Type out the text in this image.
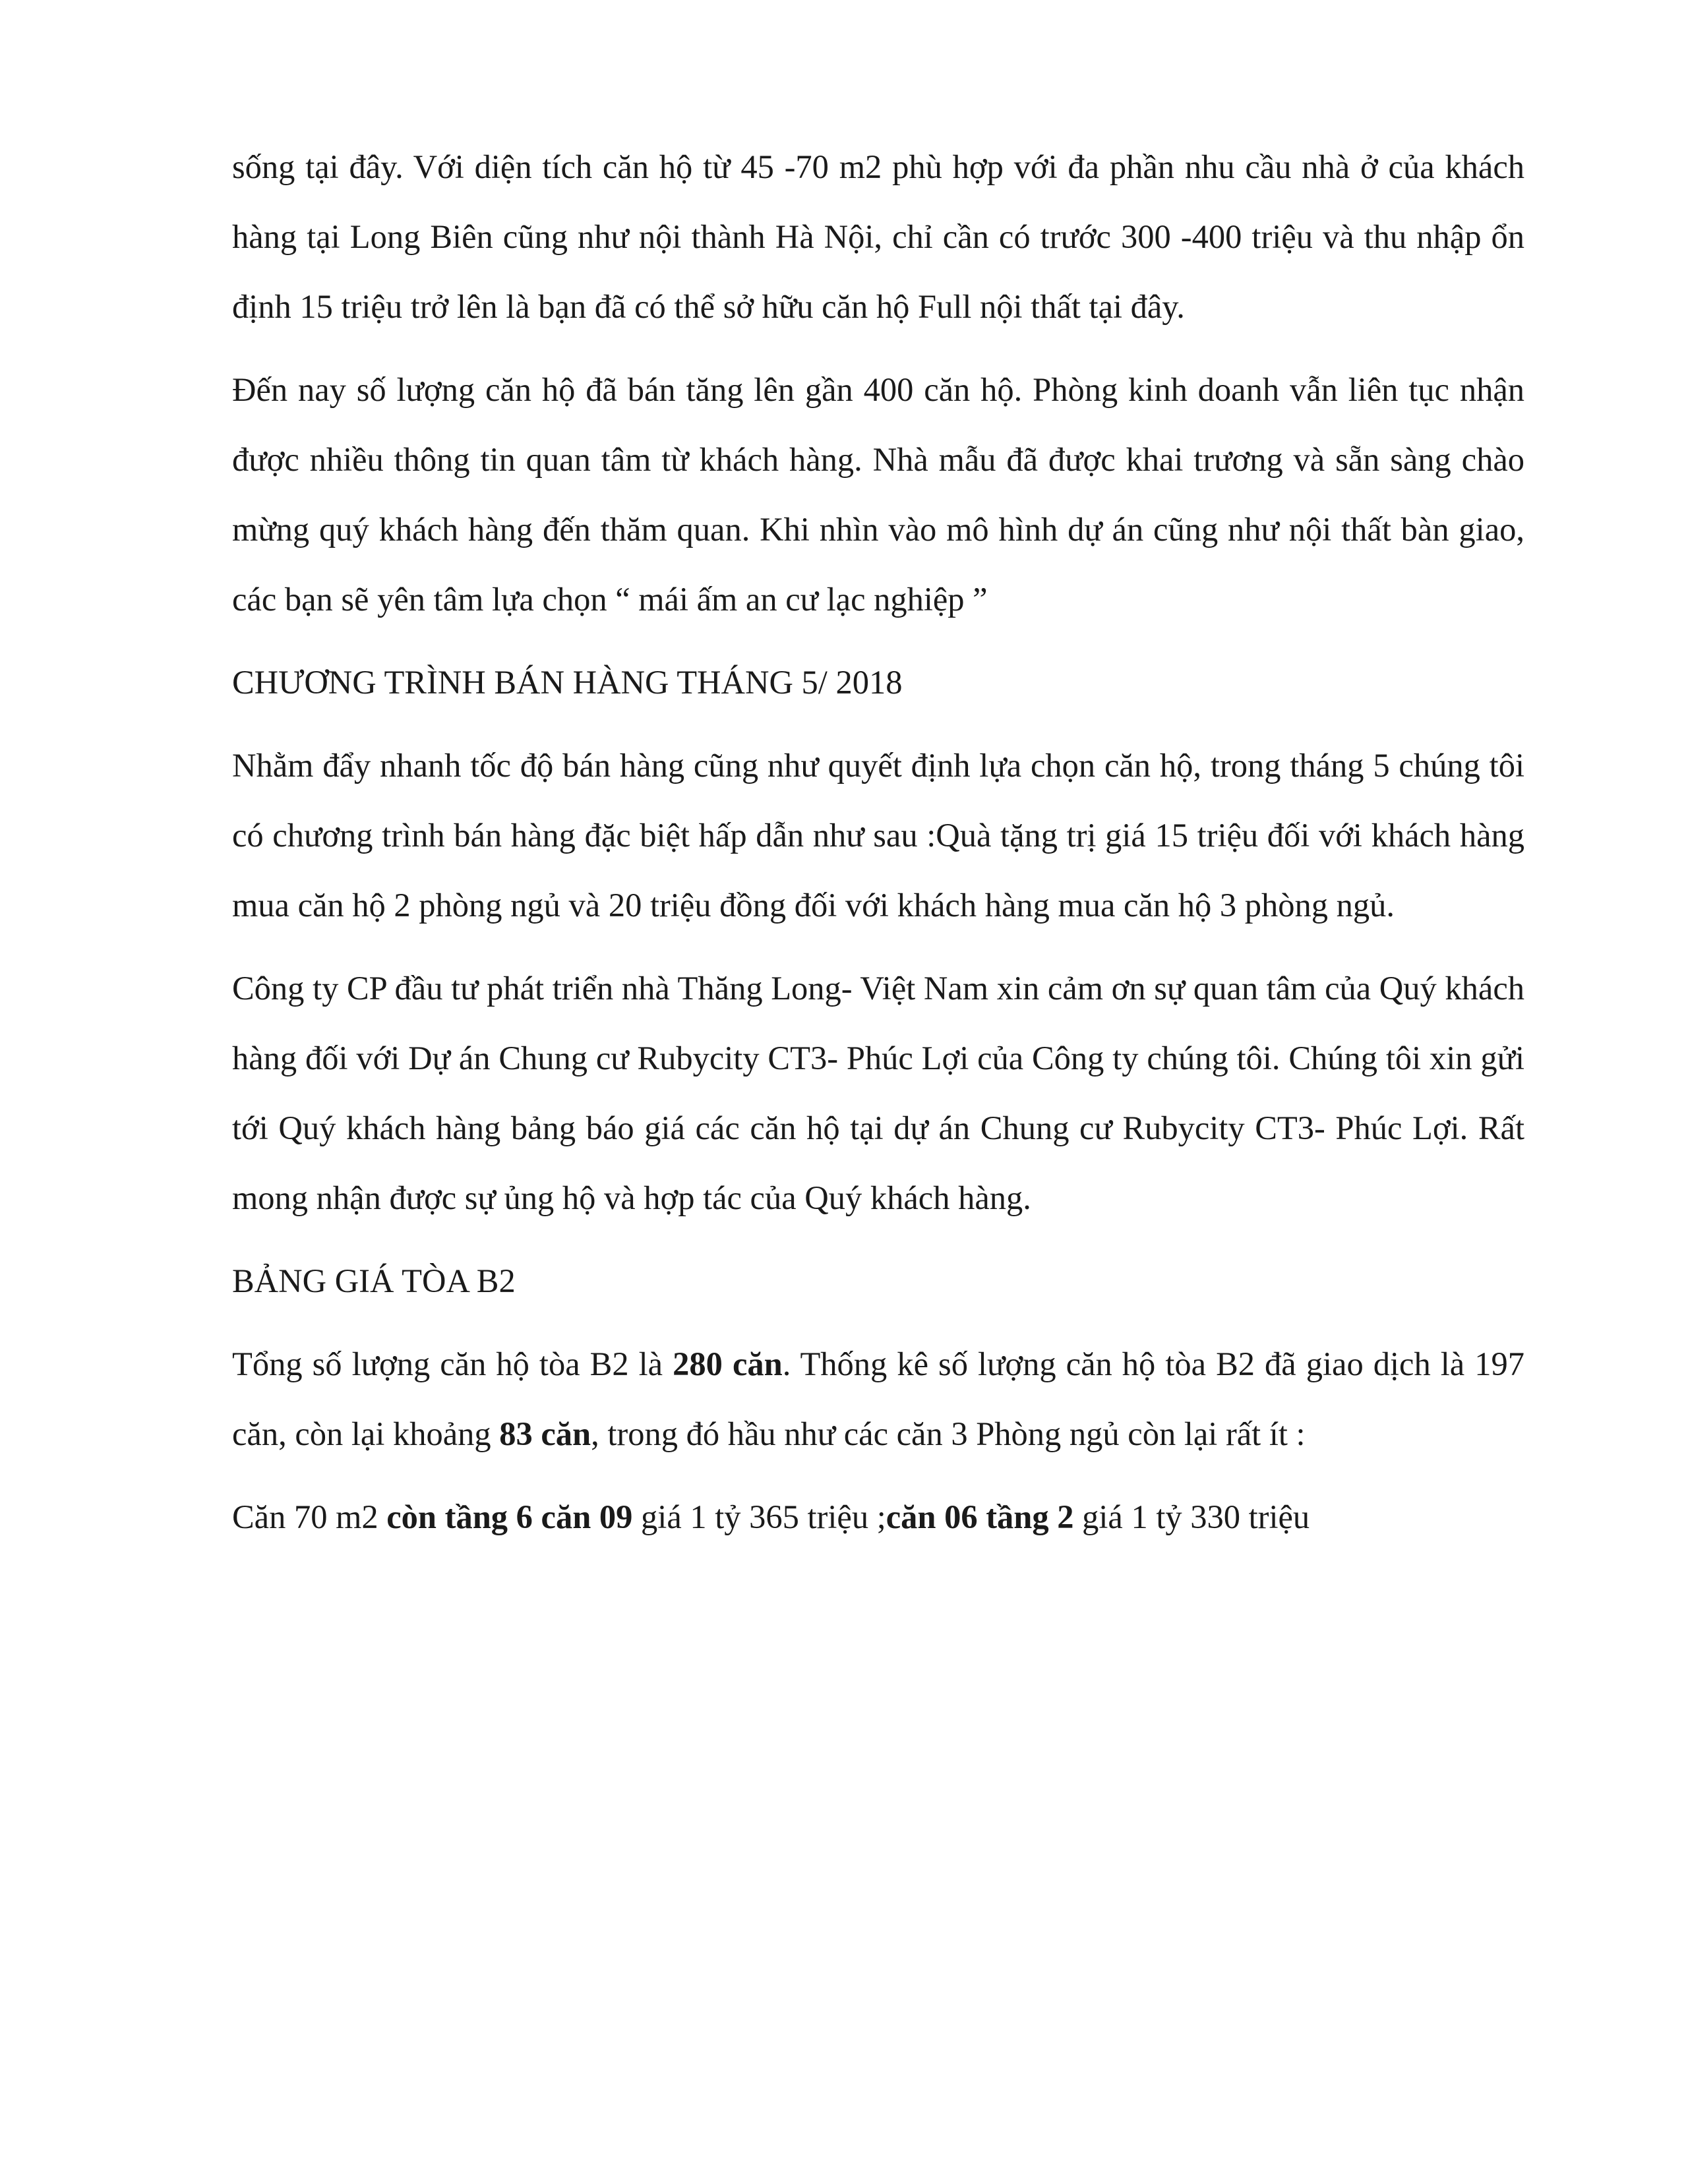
sống tại đây. Với diện tích căn hộ từ 45 -70 m2 phù hợp với đa phần nhu cầu nhà ở của khách hàng tại Long Biên cũng như nội thành Hà Nội, chỉ cần có trước 300 -400 triệu và thu nhập ổn định 15 triệu trở lên là bạn đã có thể sở hữu căn hộ Full nội thất tại đây.

Đến nay số lượng căn hộ đã bán tăng lên gần 400 căn hộ. Phòng kinh doanh vẫn liên tục nhận được nhiều thông tin quan tâm từ khách hàng. Nhà mẫu đã được khai trương và sẵn sàng chào mừng quý khách hàng đến thăm quan. Khi nhìn vào mô hình dự án cũng như nội thất bàn giao, các bạn sẽ yên tâm lựa chọn “ mái ấm an cư lạc nghiệp ”

CHƯƠNG TRÌNH BÁN HÀNG THÁNG 5/ 2018

Nhằm đẩy nhanh tốc độ bán hàng cũng như quyết định lựa chọn căn hộ, trong tháng 5 chúng tôi có chương trình bán hàng đặc biệt hấp dẫn như sau :Quà tặng trị giá 15 triệu đối với khách hàng mua căn hộ 2 phòng ngủ và 20 triệu đồng đối với khách hàng mua căn hộ 3 phòng ngủ.

Công ty CP đầu tư phát triển nhà Thăng Long- Việt Nam xin cảm ơn sự quan tâm của Quý khách hàng đối với Dự án Chung cư Rubycity CT3- Phúc Lợi của Công ty chúng tôi. Chúng tôi xin gửi tới Quý khách hàng bảng báo giá các căn hộ tại dự án Chung cư Rubycity CT3- Phúc Lợi. Rất mong nhận được sự ủng hộ và hợp tác của Quý khách hàng.

BẢNG GIÁ TÒA B2

Tổng số lượng căn hộ tòa B2 là 280 căn. Thống kê số lượng căn hộ tòa B2 đã giao dịch là 197 căn, còn lại khoảng 83 căn, trong đó hầu như các căn 3 Phòng ngủ còn lại rất ít :

Căn 70 m2 còn tầng 6 căn 09 giá 1 tỷ 365 triệu ;căn 06 tầng 2 giá 1 tỷ 330 triệu
